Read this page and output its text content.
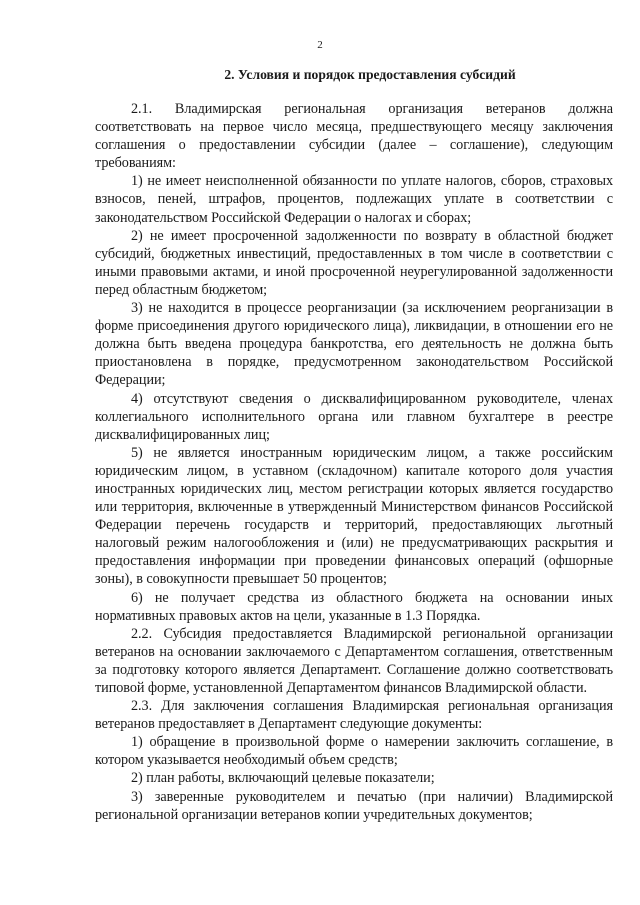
2
2. Условия и порядок предоставления субсидий

2.1. Владимирская региональная организация ветеранов должна соответствовать на первое число месяца, предшествующего месяцу заключения соглашения о предоставлении субсидии (далее – соглашение), следующим требованиям:

1) не имеет неисполненной обязанности по уплате налогов, сборов, страховых взносов, пеней, штрафов, процентов, подлежащих уплате в соответствии с законодательством Российской Федерации о налогах и сборах;

2) не имеет просроченной задолженности по возврату в областной бюджет субсидий, бюджетных инвестиций, предоставленных в том числе в соответствии с иными правовыми актами, и иной просроченной неурегулированной задолженности перед областным бюджетом;

3) не находится в процессе реорганизации (за исключением реорганизации в форме присоединения другого юридического лица), ликвидации, в отношении его не должна быть введена процедура банкротства, его деятельность не должна быть приостановлена в порядке, предусмотренном законодательством Российской Федерации;

4) отсутствуют сведения о дисквалифицированном руководителе, членах коллегиального исполнительного органа или главном бухгалтере в реестре дисквалифицированных лиц;

5) не является иностранным юридическим лицом, а также российским юридическим лицом, в уставном (складочном) капитале которого доля участия иностранных юридических лиц, местом регистрации которых является государство или территория, включенные в утвержденный Министерством финансов Российской Федерации перечень государств и территорий, предоставляющих льготный налоговый режим налогообложения и (или) не предусматривающих раскрытия и предоставления информации при проведении финансовых операций (офшорные зоны), в совокупности превышает 50 процентов;

6) не получает средства из областного бюджета на основании иных нормативных правовых актов на цели, указанные в 1.3 Порядка.

2.2. Субсидия предоставляется Владимирской региональной организации ветеранов на основании заключаемого с Департаментом соглашения, ответственным за подготовку которого является Департамент. Соглашение должно соответствовать типовой форме, установленной Департаментом финансов Владимирской области.

2.3. Для заключения соглашения Владимирская региональная организация ветеранов предоставляет в Департамент следующие документы:

1) обращение в произвольной форме о намерении заключить соглашение, в котором указывается необходимый объем средств;

2) план работы, включающий целевые показатели;

3) заверенные руководителем и печатью (при наличии) Владимирской региональной организации ветеранов копии учредительных документов;
